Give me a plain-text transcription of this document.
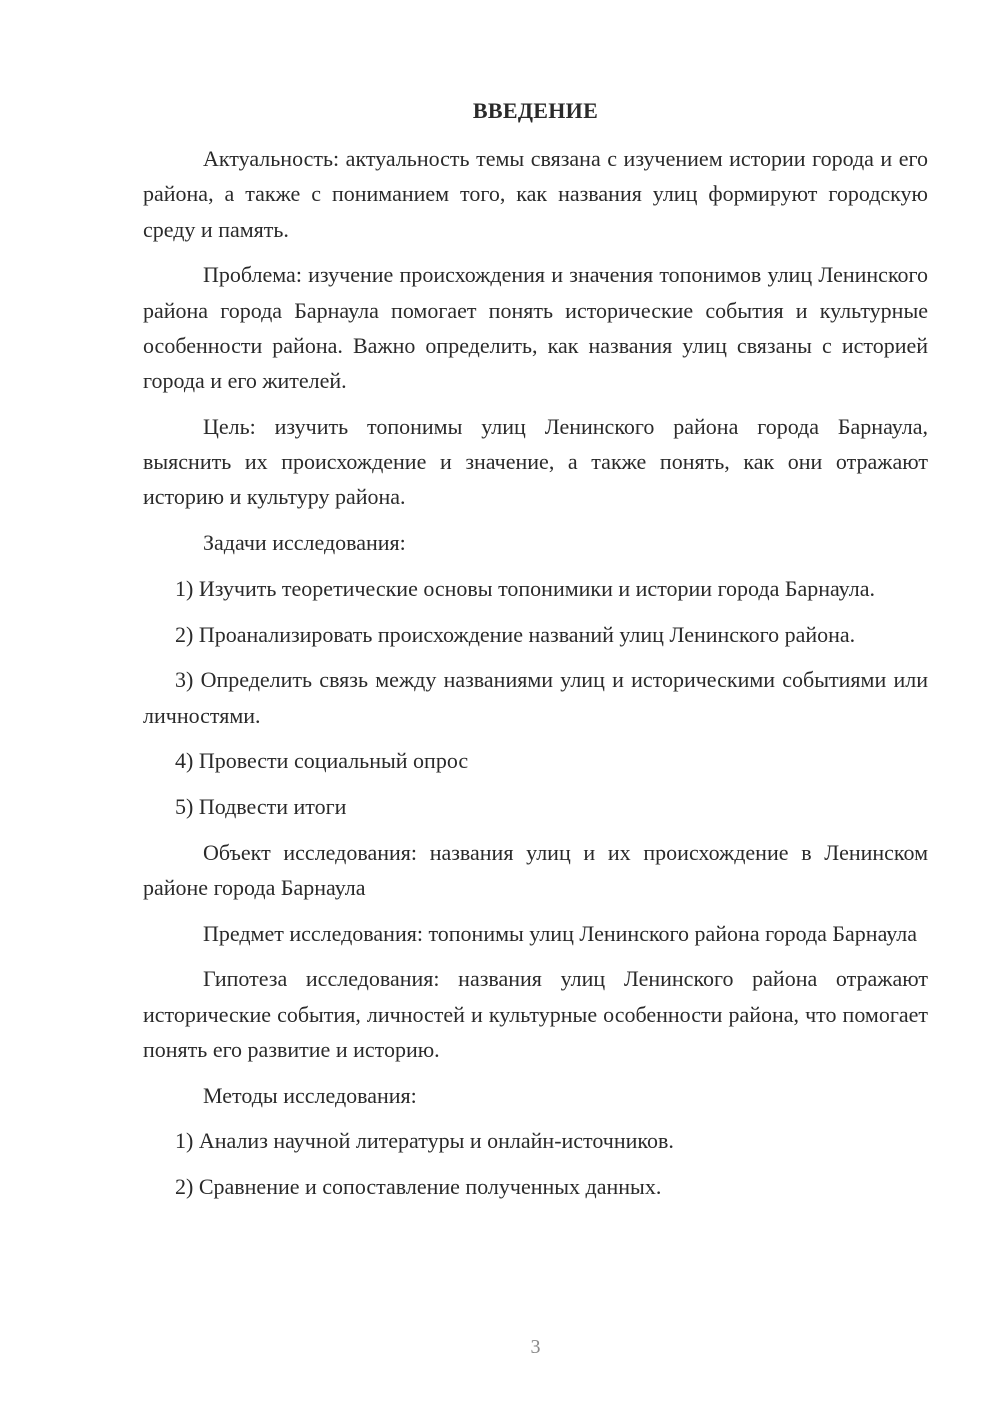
ВВЕДЕНИЕ

Актуальность: актуальность темы связана с изучением истории города и его района, а также с пониманием того, как названия улиц формируют городскую среду и память.

Проблема: изучение происхождения и значения топонимов улиц Ленинского района города Барнаула помогает понять исторические события и культурные особенности района. Важно определить, как названия улиц связаны с историей города и его жителей.

Цель: изучить топонимы улиц Ленинского района города Барнаула, выяснить их происхождение и значение, а также понять, как они отражают историю и культуру района.

Задачи исследования:

1) Изучить теоретические основы топонимики и истории города Барнаула.

2) Проанализировать происхождение названий улиц Ленинского района.

3) Определить связь между названиями улиц и историческими событиями или личностями.

4) Провести социальный опрос

5) Подвести итоги

Объект исследования: названия улиц и их происхождение в Ленинском районе города Барнаула

Предмет исследования: топонимы улиц Ленинского района города Барнаула

Гипотеза исследования: названия улиц Ленинского района отражают исторические события, личностей и культурные особенности района, что помогает понять его развитие и историю.

Методы исследования:

1) Анализ научной литературы и онлайн-источников.

2) Сравнение и сопоставление полученных данных.

3
